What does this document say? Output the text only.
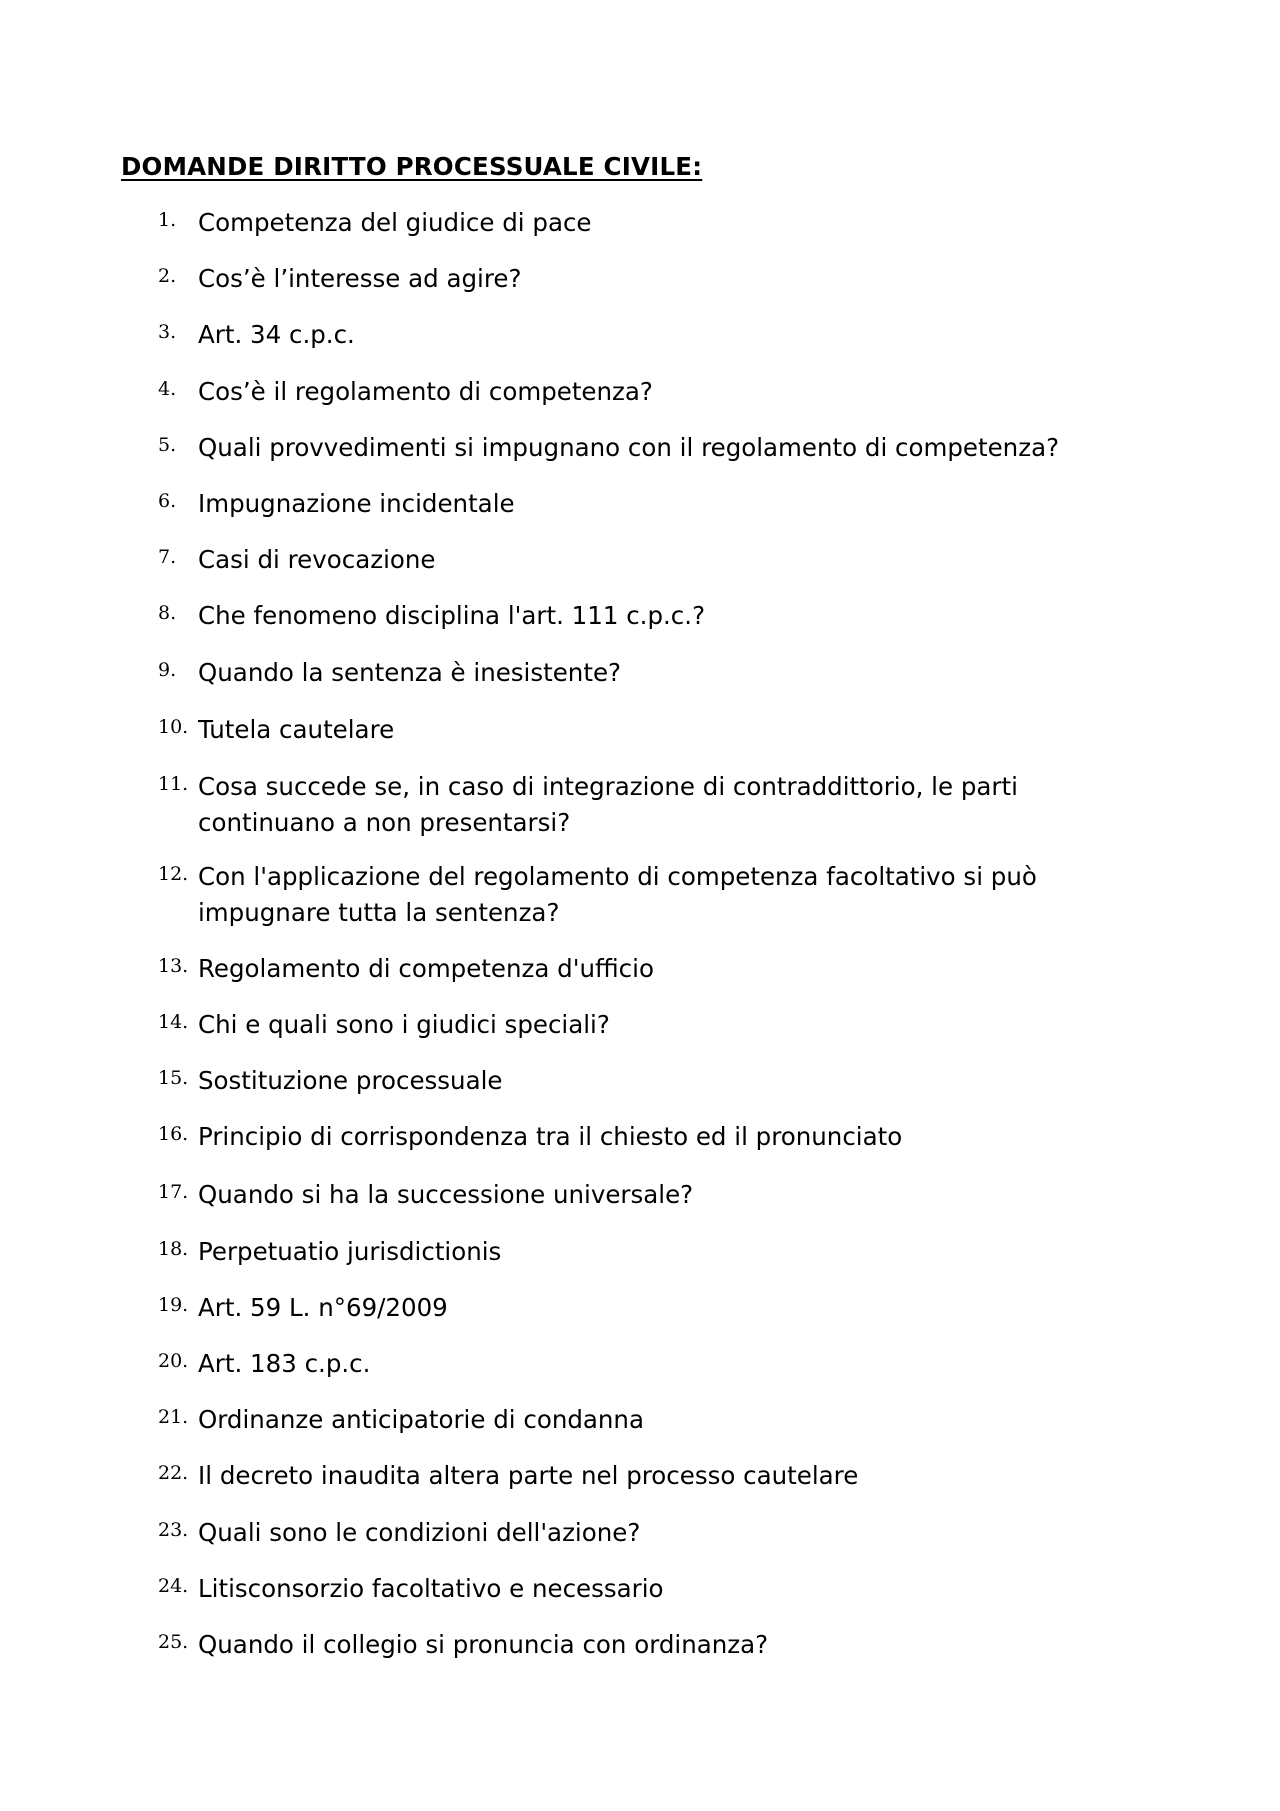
DOMANDE DIRITTO PROCESSUALE CIVILE:
1. Competenza del giudice di pace
2. Cos’è l’interesse ad agire?
3. Art. 34 c.p.c.
4. Cos’è il regolamento di competenza?
5. Quali provvedimenti si impugnano con il regolamento di competenza?
6. Impugnazione incidentale
7. Casi di revocazione
8. Che fenomeno disciplina l'art. 111 c.p.c.?
9. Quando la sentenza è inesistente?
10. Tutela cautelare
11. Cosa succede se, in caso di integrazione di contraddittorio, le parti continuano a non presentarsi?
12. Con l'applicazione del regolamento di competenza facoltativo si può impugnare tutta la sentenza?
13. Regolamento di competenza d'ufficio
14. Chi e quali sono i giudici speciali?
15. Sostituzione processuale
16. Principio di corrispondenza tra il chiesto ed il pronunciato
17. Quando si ha la successione universale?
18. Perpetuatio jurisdictionis
19. Art. 59 L. n°69/2009
20. Art. 183 c.p.c.
21. Ordinanze anticipatorie di condanna
22. Il decreto inaudita altera parte nel processo cautelare
23. Quali sono le condizioni dell'azione?
24. Litisconsorzio facoltativo e necessario
25. Quando il collegio si pronuncia con ordinanza?
